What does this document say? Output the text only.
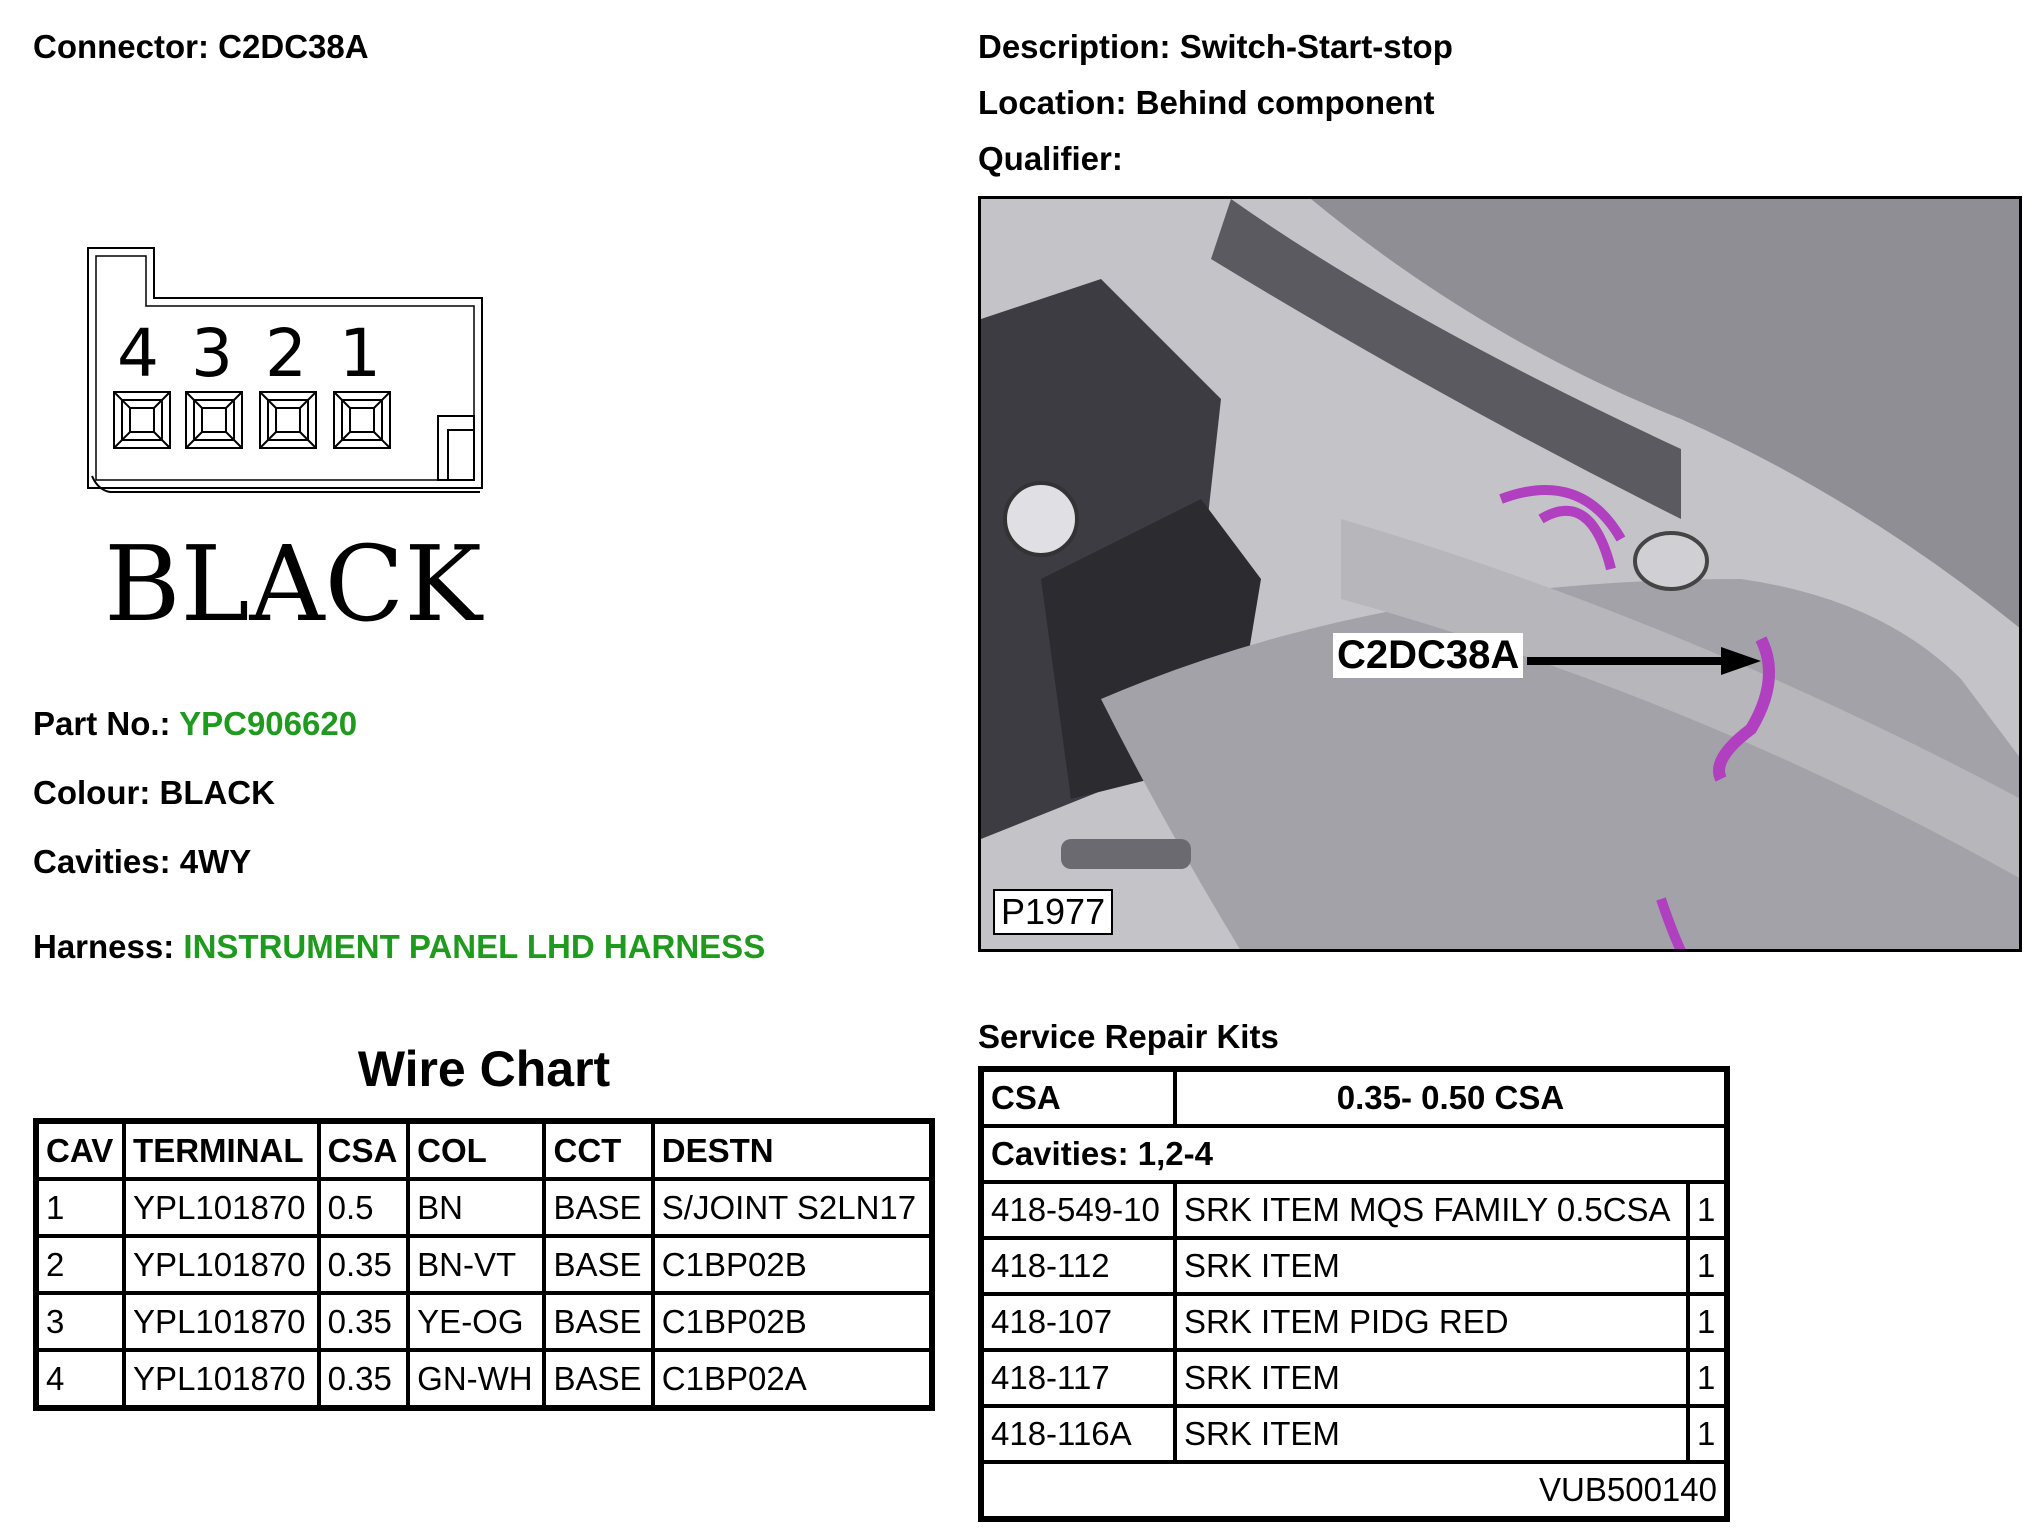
Connector: C2DC38A	Description: Switch-Start-stop
Location: Behind component
Qualifier:
4 3 2 1
BLACK
C2DC38A
P1977
Part No.: YPC906620
Colour: BLACK
Cavities: 4WY
Harness: INSTRUMENT PANEL LHD HARNESS
Wire Chart
CAV	TERMINAL	CSA	COL	CCT	DESTN
1	YPL101870	0.5	BN	BASE	S/JOINT S2LN17
2	YPL101870	0.35	BN-VT	BASE	C1BP02B
3	YPL101870	0.35	YE-OG	BASE	C1BP02B
4	YPL101870	0.35	GN-WH	BASE	C1BP02A
Service Repair Kits
CSA	0.35- 0.50 CSA	
Cavities: 1,2-4		
418-549-10	SRK ITEM MQS FAMILY 0.5CSA	1
418-112	SRK ITEM	1
418-107	SRK ITEM PIDG RED	1
418-117	SRK ITEM	1
418-116A	SRK ITEM	1
VUB500140		
